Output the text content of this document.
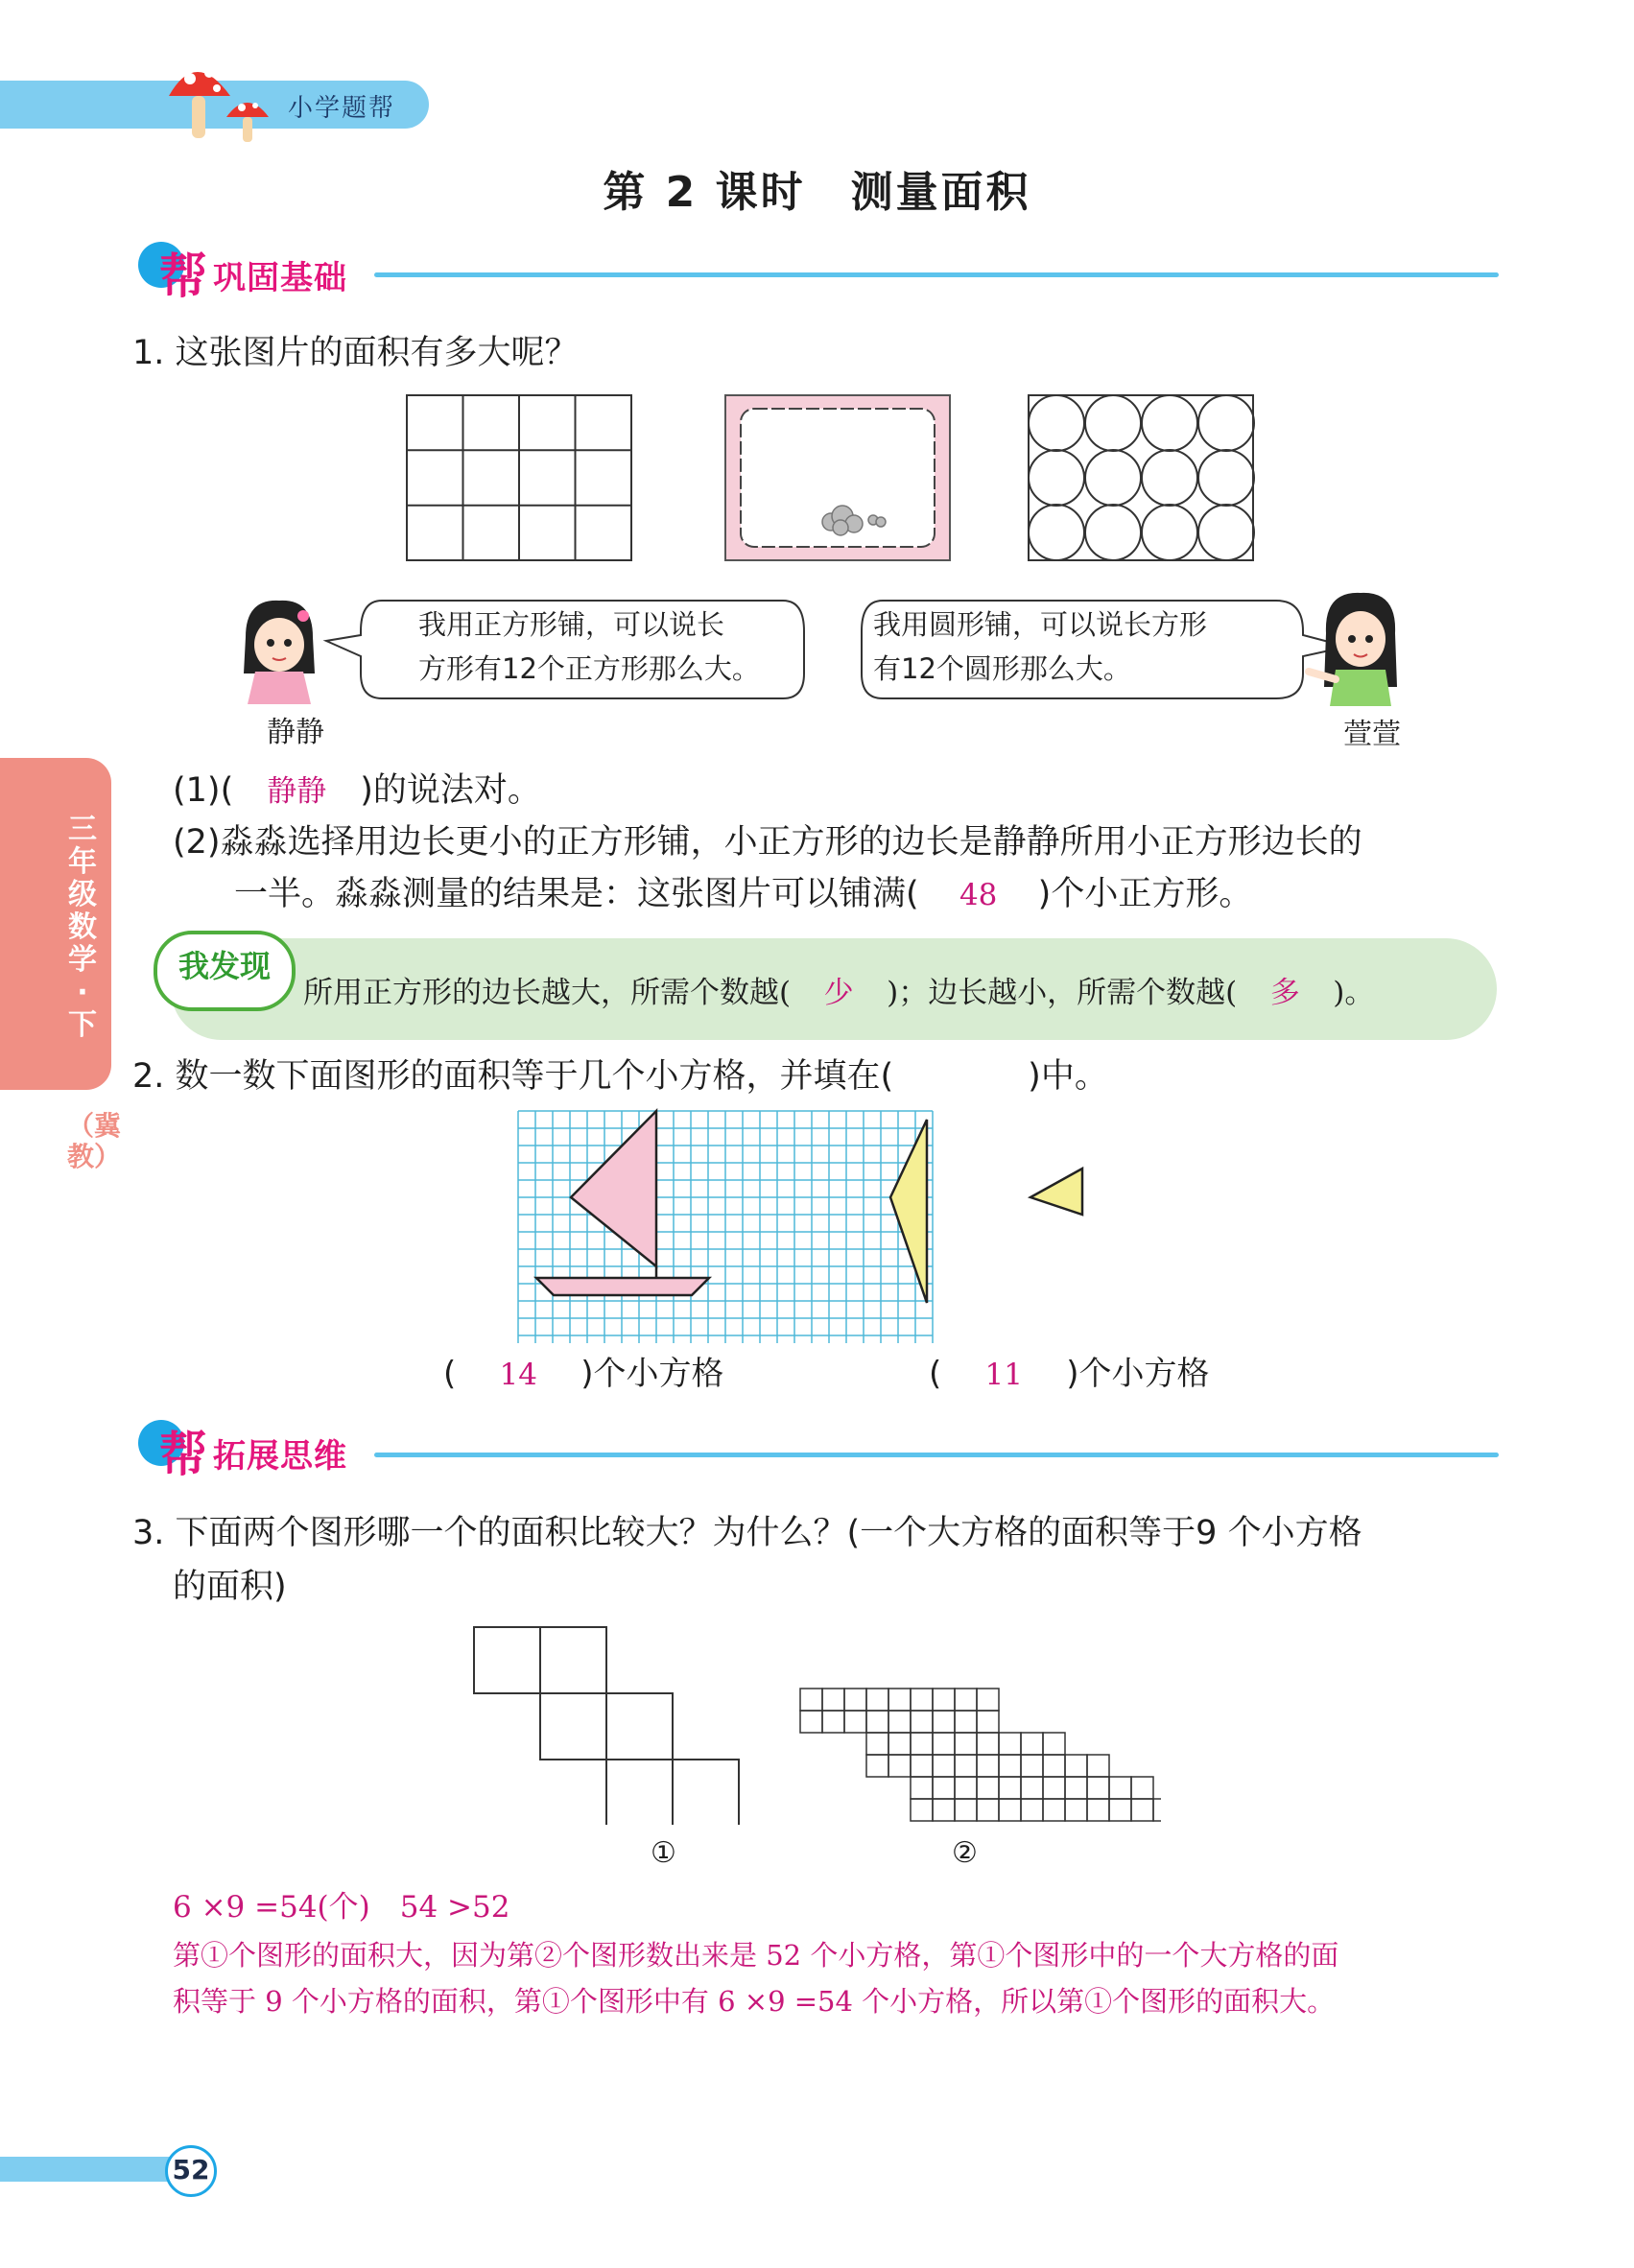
小学题帮
第 2 课时　测量面积
三年级数学·下
（冀教）
帮 巩固基础
1. 这张图片的面积有多大呢？
静静
我用正方形铺，可以说长
方形有12个正方形那么大。
我用圆形铺，可以说长方形
有12个圆形那么大。
萱萱
(1)( 静静 )的说法对。
(2)淼淼选择用边长更小的正方形铺，小正方形的边长是静静所用小正方形边长的
一半。淼淼测量的结果是：这张图片可以铺满( 48 )个小正方形。
我发现
所用正方形的边长越大，所需个数越( 少 )；边长越小，所需个数越( 多 )。
2. 数一数下面图形的面积等于几个小方格，并填在(　　　　)中。
( 14 )个小方格	( 11 )个小方格
帮 拓展思维
3. 下面两个图形哪一个的面积比较大？为什么？(一个大方格的面积等于9 个小方格
的面积)
①	②
6 ×9 =54(个)　54 >52
第①个图形的面积大，因为第②个图形数出来是 52 个小方格，第①个图形中的一个大方格的面
积等于 9 个小方格的面积，第①个图形中有 6 ×9 =54 个小方格，所以第①个图形的面积大。
52
